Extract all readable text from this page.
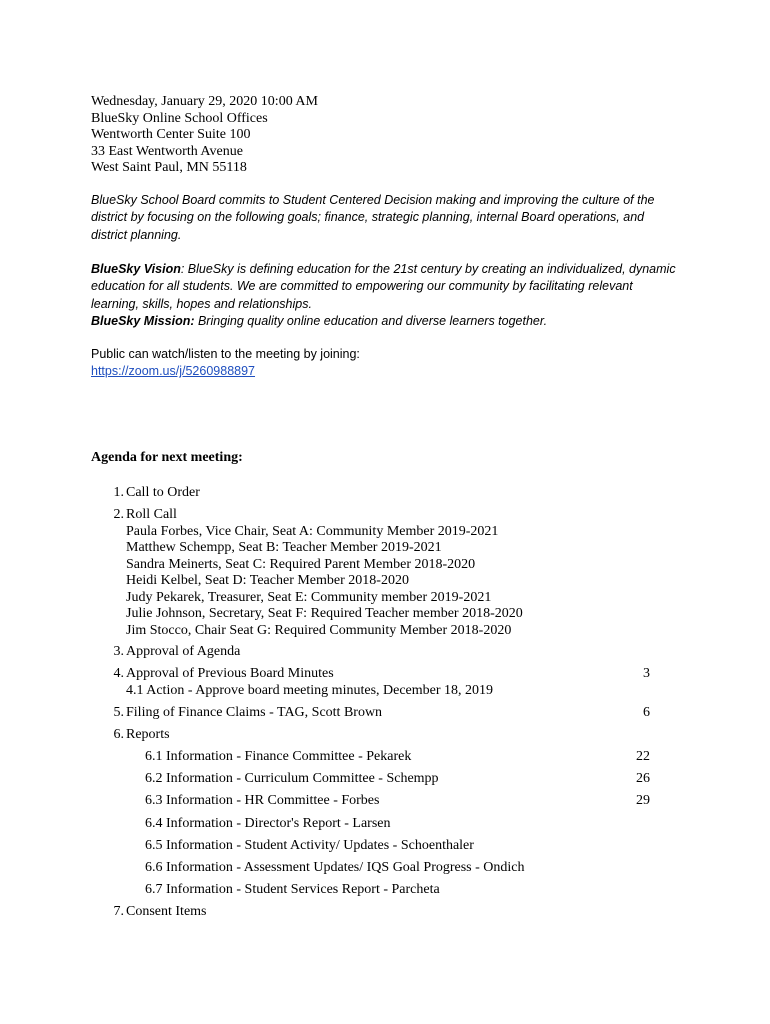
Wednesday, January 29, 2020 10:00 AM
BlueSky Online School Offices
Wentworth Center Suite 100
33 East Wentworth Avenue
West Saint Paul, MN 55118
BlueSky School Board commits to Student Centered Decision making and improving the culture of the
district by focusing on the following goals; finance, strategic planning, internal Board operations, and
district planning.
BlueSky Vision: BlueSky is defining education for the 21st century by creating an individualized, dynamic
education for all students. We are committed to empowering our community by facilitating relevant
learning, skills, hopes and relationships.
BlueSky Mission: Bringing quality online education and diverse learners together.
Public can watch/listen to the meeting by joining:
https://zoom.us/j/5260988897
Agenda for next meeting:
1. Call to Order
2. Roll Call
Paula Forbes, Vice Chair, Seat A: Community Member 2019-2021
Matthew Schempp, Seat B: Teacher Member 2019-2021
Sandra Meinerts, Seat C: Required Parent Member 2018-2020
Heidi Kelbel, Seat D: Teacher Member 2018-2020
Judy Pekarek, Treasurer, Seat E: Community member 2019-2021
Julie Johnson, Secretary, Seat F: Required Teacher member 2018-2020
Jim Stocco, Chair Seat G: Required Community Member 2018-2020
3. Approval of Agenda
4. Approval of Previous Board Minutes	3
4.1 Action - Approve board meeting minutes, December 18, 2019
5. Filing of Finance Claims - TAG, Scott Brown	6
6. Reports
6.1 Information - Finance Committee - Pekarek	22
6.2 Information - Curriculum Committee - Schempp	26
6.3 Information - HR Committee - Forbes	29
6.4 Information - Director's Report - Larsen
6.5 Information - Student Activity/ Updates - Schoenthaler
6.6 Information - Assessment Updates/ IQS Goal Progress - Ondich
6.7 Information - Student Services Report - Parcheta
7. Consent Items
